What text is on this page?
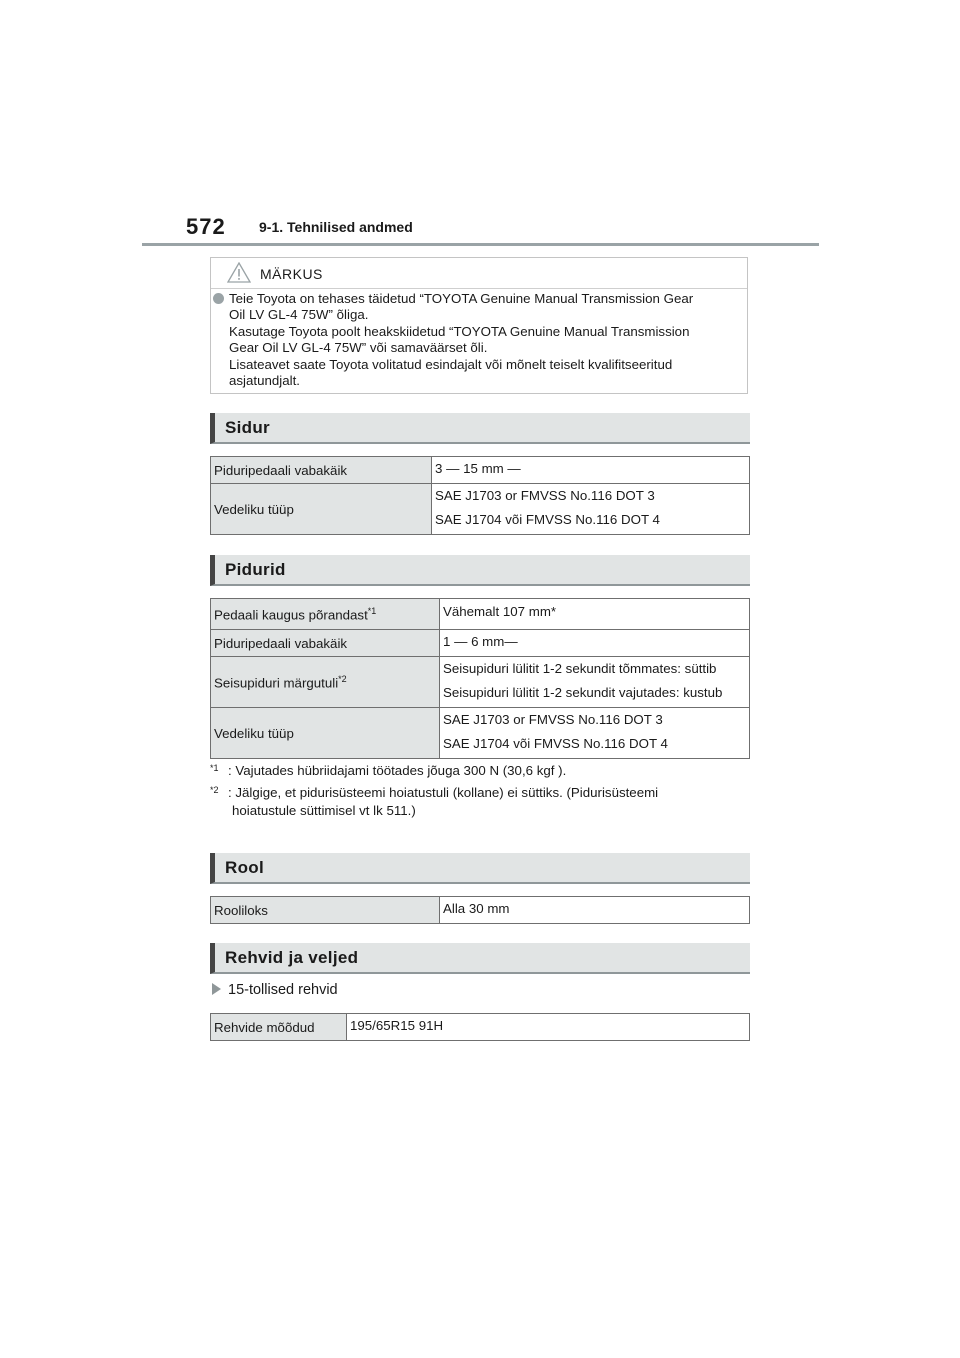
572 9-1. Tehnilised andmed
MÄRKUS

Teie Toyota on tehases täidetud “TOYOTA Genuine Manual Transmission Gear

Oil LV GL-4 75W” õliga.

Kasutage Toyota poolt heakskiidetud “TOYOTA Genuine Manual Transmission

Gear Oil LV GL-4 75W” või samaväärset õli.

Lisateavet saate Toyota volitatud esindajalt või mõnelt teiselt kvalifitseeritud

asjatundjalt.

Sidur
Piduripedaali vabakäik	3 — 15 mm —

Vedeliku tüüp	SAE J1703 or FMVSS No.116 DOT 3
SAE J1704 või FMVSS No.116 DOT 4
Pidurid
Pedaali kaugus põrandast$^{*1}$	Vähemalt 107 mm*

Piduripedaali vabakäik	1 — 6 mm—

Seisupiduri märgutuli$^{*2}$	Seisupiduri lülitit 1-2 sekundit tõmmates: süttib
Seisupiduri lülitit 1-2 sekundit vajutades: kustub

Vedeliku tüüp	SAE J1703 or FMVSS No.116 DOT 3
SAE J1704 või FMVSS No.116 DOT 4
*1 : Vajutades hübriidajami töötades jõuga 300 N (30,6 kgf ).
*2 : Jälgige, et pidurisüsteemi hoiatustuli (kollane) ei süttiks. (Pidurisüsteemi
hoiatustule süttimisel vt lk 511.)
Rool
Rooliloks	Alla 30 mm
Rehvid ja veljed
15-tollised rehvid
Rehvide mõõdud	195/65R15 91H
